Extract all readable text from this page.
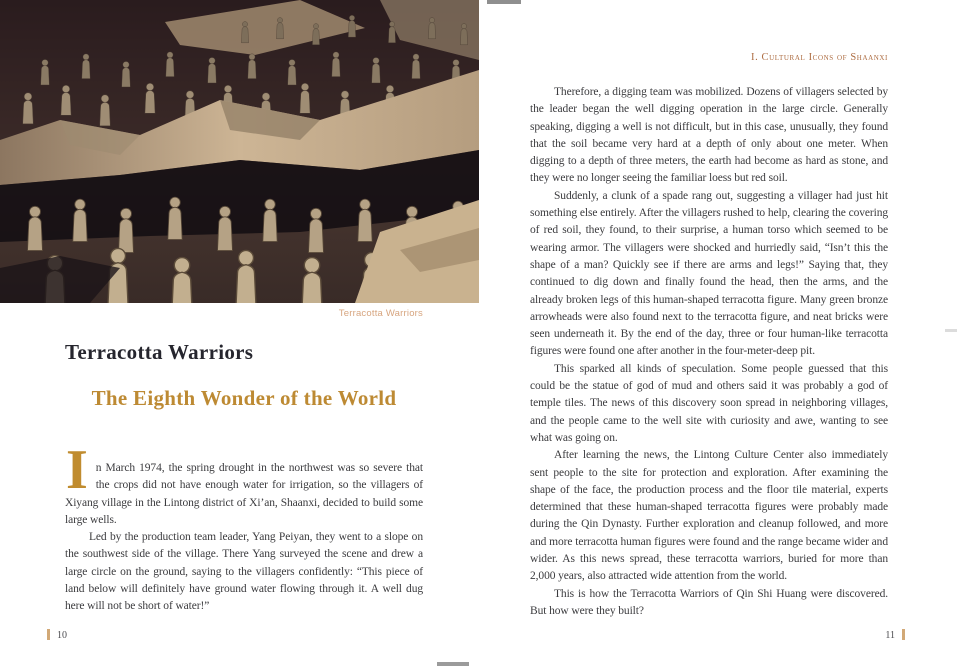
Terracotta Warriors
Terracotta Warriors
The Eighth Wonder of the World

In March 1974, the spring drought in the northwest was so severe that the crops did not have enough water for irrigation, so the villagers of Xiyang village in the Lintong district of Xi’an, Shaanxi, decided to build some large wells.

Led by the production team leader, Yang Peiyan, they went to a slope on the southwest side of the village. There Yang surveyed the scene and drew a large circle on the ground, saying to the villagers confidently: “This piece of land below will definitely have ground water flowing through it. A well dug here will not be short of water!”

10
I. Cultural Icons of Shaanxi

Therefore, a digging team was mobilized. Dozens of villagers selected by the leader began the well digging operation in the large circle. Generally speaking, digging a well is not difficult, but in this case, unusually, they found that the soil became very hard at a depth of only about one meter. When digging to a depth of three meters, the earth had become as hard as stone, and they were no longer seeing the familiar loess but red soil.

Suddenly, a clunk of a spade rang out, suggesting a villager had just hit something else entirely. After the villagers rushed to help, clearing the covering of red soil, they found, to their surprise, a human torso which seemed to be wearing armor. The villagers were shocked and hurriedly said, “Isn’t this the shape of a man? Quickly see if there are arms and legs!” Saying that, they continued to dig down and finally found the head, then the arms, and the already broken legs of this human-shaped terracotta figure. Many green bronze arrowheads were also found next to the terracotta figure, and neat bricks were seen underneath it. By the end of the day, three or four human-like terracotta figures were found one after another in the four-meter-deep pit.

This sparked all kinds of speculation. Some people guessed that this could be the statue of god of mud and others said it was probably a god of temple tiles. The news of this discovery soon spread in neighboring villages, and the people came to the well site with curiosity and awe, wanting to see what was going on.

After learning the news, the Lintong Culture Center also immediately sent people to the site for protection and exploration. After examining the shape of the face, the production process and the floor tile material, experts determined that these human-shaped terracotta figures were probably made during the Qin Dynasty. Further exploration and cleanup followed, and more and more terracotta human figures were found and the range became wider and wider. As this news spread, these terracotta warriors, buried for more than 2,000 years, also attracted wide attention from the world.

This is how the Terracotta Warriors of Qin Shi Huang were discovered. But how were they built?

11
